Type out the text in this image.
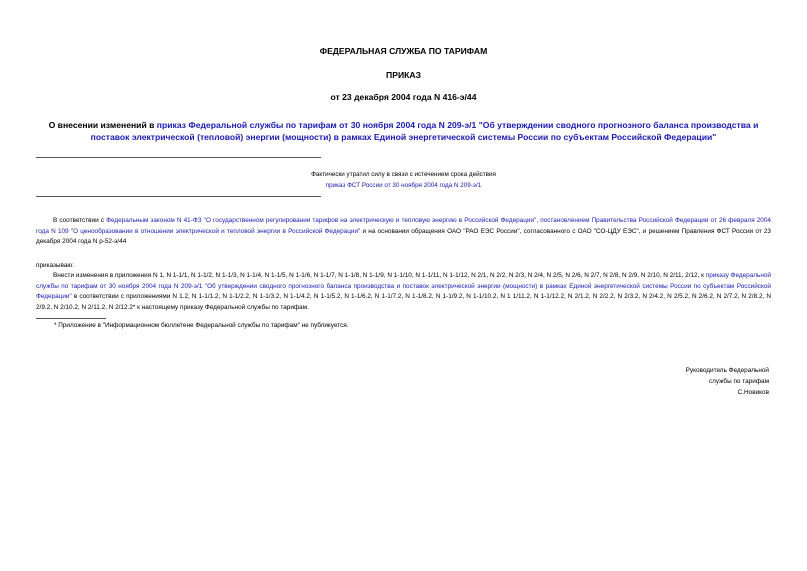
ФЕДЕРАЛЬНАЯ СЛУЖБА ПО ТАРИФАМ
ПРИКАЗ
от 23 декабря 2004 года N 416-э/44
О внесении изменений в приказ Федеральной службы по тарифам от 30 ноября 2004 года N 209-э/1 "Об утверждении сводного прогнозного баланса производства и поставок электрической (тепловой) энергии (мощности) в рамках Единой энергетической системы России по субъектам Российской Федерации"
Фактически утратил силу в связи с истечением срока действия
приказ ФСТ России от 30 ноября 2004 года N 209-э/1
В соответствии с Федеральным законом N 41-ФЗ "О государственном регулировании тарифов на электрическую и тепловую энергию в Российской Федерации", постановлением Правительства Российской Федерации от 26 февраля 2004 года N 109 "О ценообразовании в отношении электрической и тепловой энергии в Российской Федерации" и на основании обращения ОАО "РАО ЕЭС России", согласованного с ОАО "СО-ЦДУ ЕЭС", и решением Правления ФСТ России от 23 декабря 2004 года N р-52-э/44
приказываю:
Внести изменения в приложения N 1, N 1-1/1, N 1-1/2, N 1-1/3, N 1-1/4, N 1-1/5, N 1-1/6, N 1-1/7, N 1-1/8, N 1-1/9, N 1-1/10, N 1-1/11, N 1-1/12, N 2/1, N 2/2, N 2/3, N 2/4, N 2/5, N 2/6, N 2/7, N 2/8, N 2/9, N 2/10, N 2/11, 2/12, к приказу Федеральной службы по тарифам от 30 ноября 2004 года N 209-э/1 "Об утверждении сводного прогнозного баланса производства и поставок электрической энергии (мощности) в рамках Единой энергетической системы России по субъектам Российской Федерации" в соответствии с приложениями N 1.2, N 1-1/1.2, N 1-1/2.2, N 1-1/3.2, N 1-1/4.2, N 1-1/5.2, N 1-1/6.2, N 1-1/7.2, N 1-1/8.2, N 1-1/9.2, N 1-1/10.2, N 1 1/11.2, N 1-1/12.2, N 2/1.2, N 2/2.2, N 2/3.2, N 2/4.2, N 2/5.2, N 2/6.2, N 2/7.2, N 2/8.2, N 2/9.2, N 2/10.2, N 2/11.2, N 2/12.2* к настоящему приказу Федеральной службы по тарифам.
* Приложение в "Информационном бюллетене Федеральной службы по тарифам" не публикуется.
Руководитель Федеральной
службы по тарифам
С.Новиков
